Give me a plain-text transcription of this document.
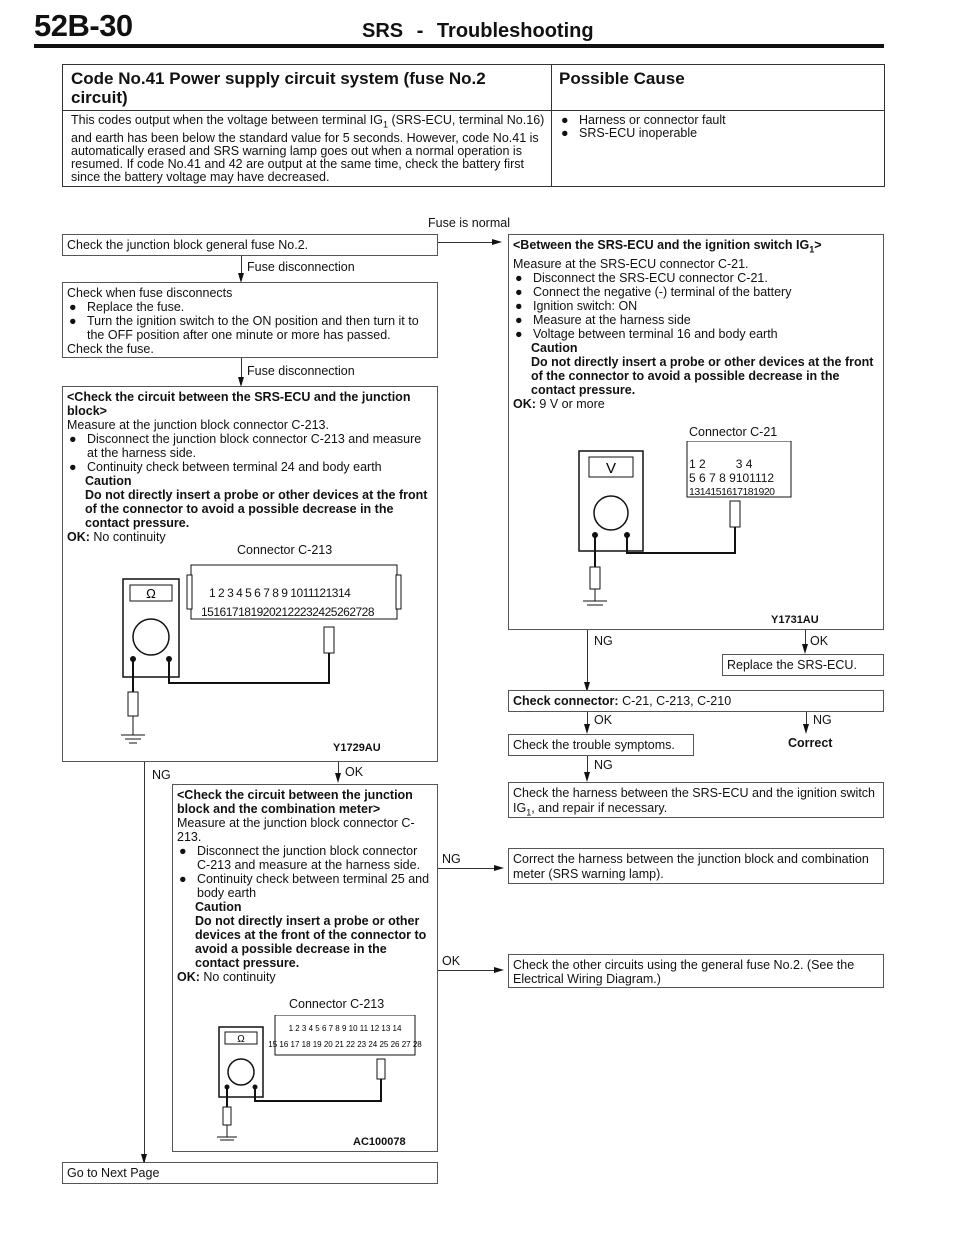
52B-30	SRS - Troubleshooting
Code No.41 Power supply circuit system (fuse No.2 circuit)
Possible Cause
This codes output when the voltage between terminal $IG_1$ (SRS-ECU, terminal No.16) and earth has been below the standard value for 5 seconds. However, code No.41 is automatically erased and SRS warning lamp goes out when a normal operation is resumed. If code No.41 and 42 are output at the same time, check the battery first since the battery voltage may have decreased.
● Harness or connector fault
● SRS-ECU inoperable
Fuse is normal
Check the junction block general fuse No.2.
Fuse disconnection
Check when fuse disconnects
● Replace the fuse.
● Turn the ignition switch to the ON position and then turn it to the OFF position after one minute or more has passed.
Check the fuse.
Fuse disconnection
<Check the circuit between the SRS-ECU and the junction block>
Measure at the junction block connector C-213.
● Disconnect the junction block connector C-213 and measure at the harness side.
● Continuity check between terminal 24 and body earth
Caution
Do not directly insert a probe or other devices at the front of the connector to avoid a possible decrease in the contact pressure.
OK: No continuity
Connector C-213
Ω	1 2 3 4 5 6 7 8 9 1011121314
1516171819202122232425262728
Y1729AU
NG	OK
<Check the circuit between the junction block and the combination meter>
Measure at the junction block connector C-213.
● Disconnect the junction block connector C-213 and measure at the harness side.
● Continuity check between terminal 25 and body earth
Caution
Do not directly insert a probe or other devices at the front of the connector to avoid a possible decrease in the contact pressure.
OK: No continuity
Connector C-213
Ω
1 2 3 4 5 6 7 8 9 10 11 12 13 14
15 16 17 18 19 20 21 22 23 24 25 26 27 28
AC100078
Go to Next Page
<Between the SRS-ECU and the ignition switch $IG_1>$
Measure at the SRS-ECU connector C-21.
● Disconnect the SRS-ECU connector C-21.
● Connect the negative (-) terminal of the battery
● Ignition switch: ON
● Measure at the harness side
● Voltage between terminal 16 and body earth
Caution
Do not directly insert a probe or other devices at the front of the connector to avoid a possible decrease in the contact pressure.
OK: 9 V or more
Connector C-21
V	1 2	3 4
5 6 7 8 9101112
1314151617181920
Y1731AU
NG	OK
Replace the SRS-ECU.
Check connector: C-21, C-213, C-210
OK	NG
Check the trouble symptoms.	Correct
NG
Check the harness between the SRS-ECU and the ignition switch $IG_1$, and repair if necessary.
NG	Correct the harness between the junction block and combination meter (SRS warning lamp).
OK	Check the other circuits using the general fuse No.2. (See the Electrical Wiring Diagram.)
